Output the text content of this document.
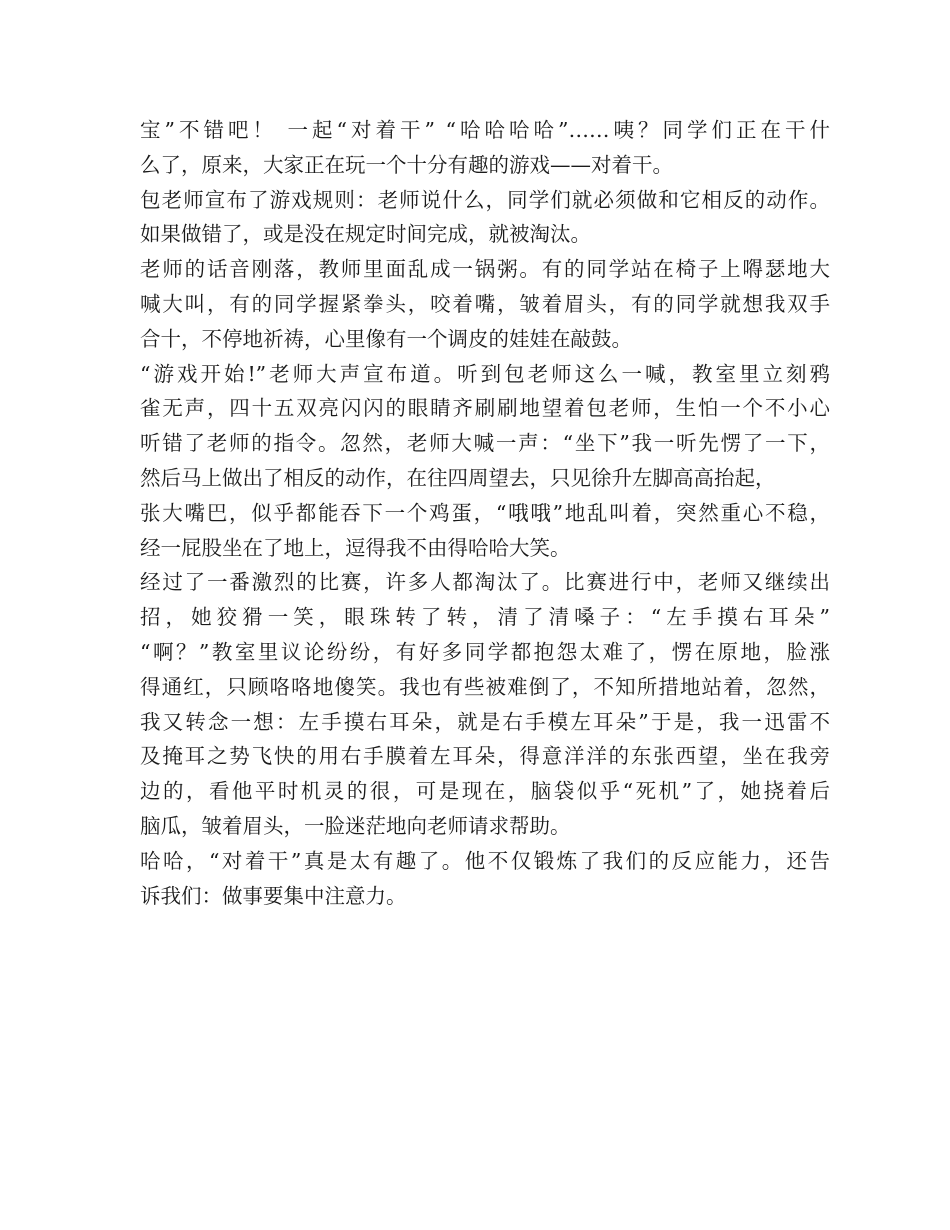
宝”不错吧！ 一起“对着干” “哈哈哈哈”……咦？同学们正在干什
么了，原来，大家正在玩一个十分有趣的游戏——对着干。
包老师宣布了游戏规则：老师说什么，同学们就必须做和它相反的动作。
如果做错了，或是没在规定时间完成，就被淘汰。
老师的话音刚落，教师里面乱成一锅粥。有的同学站在椅子上嘚瑟地大
喊大叫，有的同学握紧拳头，咬着嘴，皱着眉头，有的同学就想我双手
合十，不停地祈祷，心里像有一个调皮的娃娃在敲鼓。
“游戏开始!”老师大声宣布道。听到包老师这么一喊，教室里立刻鸦
雀无声，四十五双亮闪闪的眼睛齐刷刷地望着包老师，生怕一个不小心
听错了老师的指令。忽然，老师大喊一声：“坐下”我一听先愣了一下，
然后马上做出了相反的动作，在往四周望去，只见徐升左脚高高抬起，
张大嘴巴，似乎都能吞下一个鸡蛋，“哦哦”地乱叫着，突然重心不稳，
经一屁股坐在了地上，逗得我不由得哈哈大笑。
经过了一番激烈的比赛，许多人都淘汰了。比赛进行中，老师又继续出
招，她狡猾一笑，眼珠转了转，清了清嗓子：“左手摸右耳朵”
“啊？”教室里议论纷纷，有好多同学都抱怨太难了，愣在原地，脸涨
得通红，只顾咯咯地傻笑。我也有些被难倒了，不知所措地站着，忽然，
我又转念一想：左手摸右耳朵，就是右手模左耳朵”于是，我一迅雷不
及掩耳之势飞快的用右手膜着左耳朵，得意洋洋的东张西望，坐在我旁
边的，看他平时机灵的很，可是现在，脑袋似乎“死机”了，她挠着后
脑瓜，皱着眉头，一脸迷茫地向老师请求帮助。
哈哈，“对着干”真是太有趣了。他不仅锻炼了我们的反应能力，还告
诉我们：做事要集中注意力。
